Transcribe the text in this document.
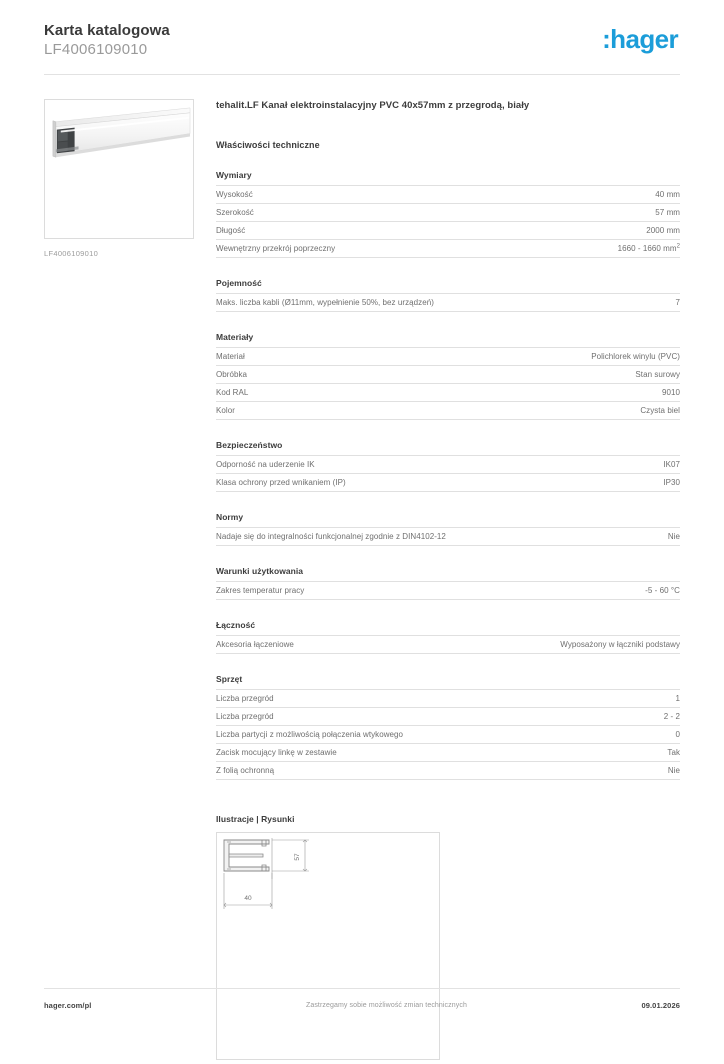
Karta katalogowa
LF4006109010	:hager
LF4006109010
tehalit.LF Kanał elektroinstalacyjny PVC 40x57mm z przegrodą, biały
Właściwości techniczne
Wymiary
Wysokość	40 mm
Szerokość	57 mm
Długość	2000 mm
Wewnętrzny przekrój poprzeczny	1660 - 1660 $mm^2$
Pojemność
Maks. liczba kabli (Ø11mm, wypełnienie 50%, bez urządzeń)	7
Materiały
Materiał	Polichlorek winylu (PVC)
Obróbka	Stan surowy
Kod RAL	9010
Kolor	Czysta biel
Bezpieczeństwo
Odporność na uderzenie IK	IK07
Klasa ochrony przed wnikaniem (IP)	IP30
Normy
Nadaje się do integralności funkcjonalnej zgodnie z DIN4102-12	Nie
Warunki użytkowania
Zakres temperatur pracy	-5 - 60 °C
Łączność
Akcesoria łączeniowe	Wyposażony w łączniki podstawy
Sprzęt
Liczba przegród	1
Liczba przegród	2 - 2
Liczba partycji z możliwością połączenia wtykowego	0
Zacisk mocujący linkę w zestawie	Tak
Z folią ochronną	Nie
Ilustracje | Rysunki
57
40
hager.com/pl	Zastrzegamy sobie możliwość zmian technicznych	09.01.2026
